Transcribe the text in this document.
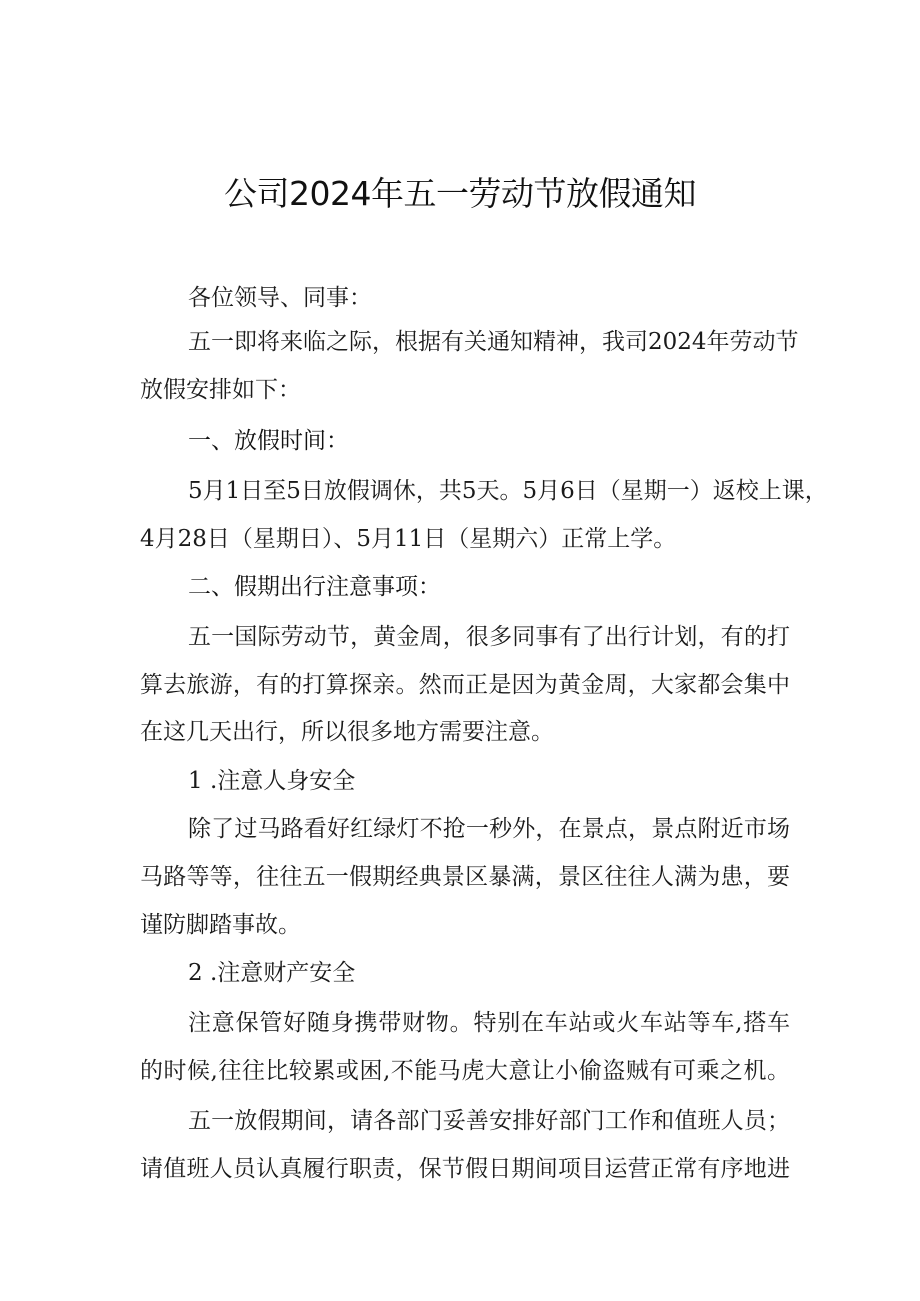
公司2024年五一劳动节放假通知
各位领导、同事：
五一即将来临之际，根据有关通知精神，我司2024年劳动节
放假安排如下：
一、放假时间：
5月1日至5日放假调休，共5天。5月6日（星期一）返校上课，
4月28日（星期日）、5月11日（星期六）正常上学。
二、假期出行注意事项：
五一国际劳动节，黄金周，很多同事有了出行计划，有的打
算去旅游，有的打算探亲。然而正是因为黄金周，大家都会集中
在这几天出行，所以很多地方需要注意。
1 .注意人身安全
除了过马路看好红绿灯不抢一秒外，在景点，景点附近市场
马路等等，往往五一假期经典景区暴满，景区往往人满为患，要
谨防脚踏事故。
2 .注意财产安全
注意保管好随身携带财物。特别在车站或火车站等车,搭车
的时候,往往比较累或困,不能马虎大意让小偷盗贼有可乘之机。
五一放假期间，请各部门妥善安排好部门工作和值班人员；
请值班人员认真履行职责，保节假日期间项目运营正常有序地进
